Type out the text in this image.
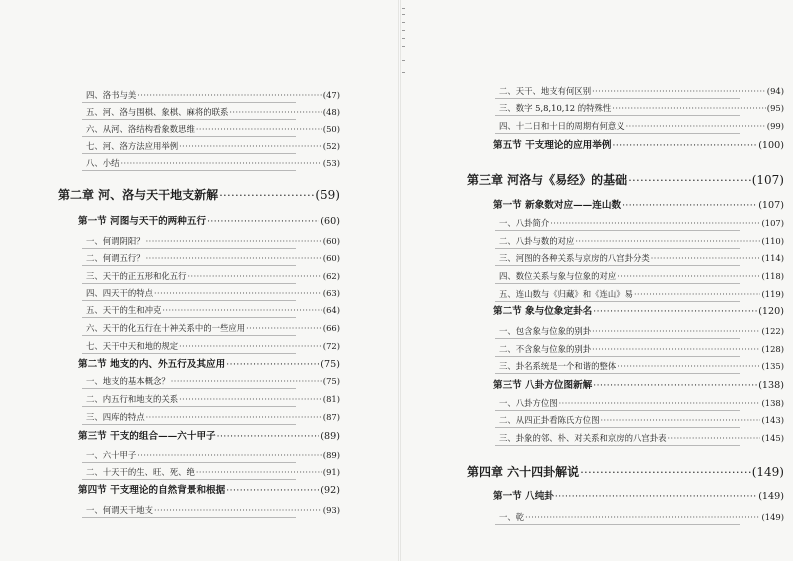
四、洛书与美 ·····	(47)
五、河、洛与围棋、象棋、麻将的联系 ·····	(48)
六、从河、洛结构看象数思维 ·····	(50)
七、河、洛方法应用举例 ·····	(52)
八、小结 ·····	(53)
第二章 河、洛与天干地支新解 ·····	(59)
第一节 河图与天干的两种五行 ·····	(60)
一、何谓阴阳？ ·····	(60)
二、何谓五行？ ·····	(60)
三、天干的正五形和化五行 ·····	(62)
四、四天干的特点 ·····	(63)
五、天干的生和冲克 ·····	(64)
六、天干的化五行在十神关系中的一些应用 ·····	(66)
七、天干中天和地的规定 ·····	(72)
第二节 地支的内、外五行及其应用 ·····	(75)
一、地支的基本概念？ ·····	(75)
二、内五行和地支的关系 ·····	(81)
三、四库的特点 ·····	(87)
第三节 干支的组合——六十甲子 ·····	(89)
一、六十甲子 ·····	(89)
二、十天干的生、旺、死、绝 ·····	(91)
第四节 干支理论的自然背景和根据 ·····	(92)
一、何谓天干地支 ·····	(93)
二、天干、地支有何区别 ·····	(94)
三、数字 5,8,10,12 的特殊性 ·····	(95)
四、十二日和十日的周期有何意义 ·····	(99)
第五节 干支理论的应用举例 ·····	(100)
第三章 河洛与《易经》的基础 ·····	(107)
第一节 新象数对应——连山数 ·····	(107)
一、八卦简介 ·····	(107)
二、八卦与数的对应 ·····	(110)
三、河图的各种关系与京房的八宫卦分类 ·····	(114)
四、数位关系与象与位象的对应 ·····	(118)
五、连山数与《归藏》和《连山》易 ·····	(119)
第二节 象与位象定卦名 ·····	(120)
一、包含象与位象的别卦 ·····	(122)
二、不含象与位象的别卦 ·····	(128)
三、卦名系统是一个和谐的整体 ·····	(135)
第三节 八卦方位图新解 ·····	(138)
一、八卦方位图 ·····	(138)
二、从四正卦看陈氏方位图 ·····	(143)
三、卦象的邻、朴、对关系和京房的八宫卦表 ·····	(145)
第四章 六十四卦解说 ·····	(149)
第一节 八纯卦 ·····	(149)
一、乾 ·····	(149)
